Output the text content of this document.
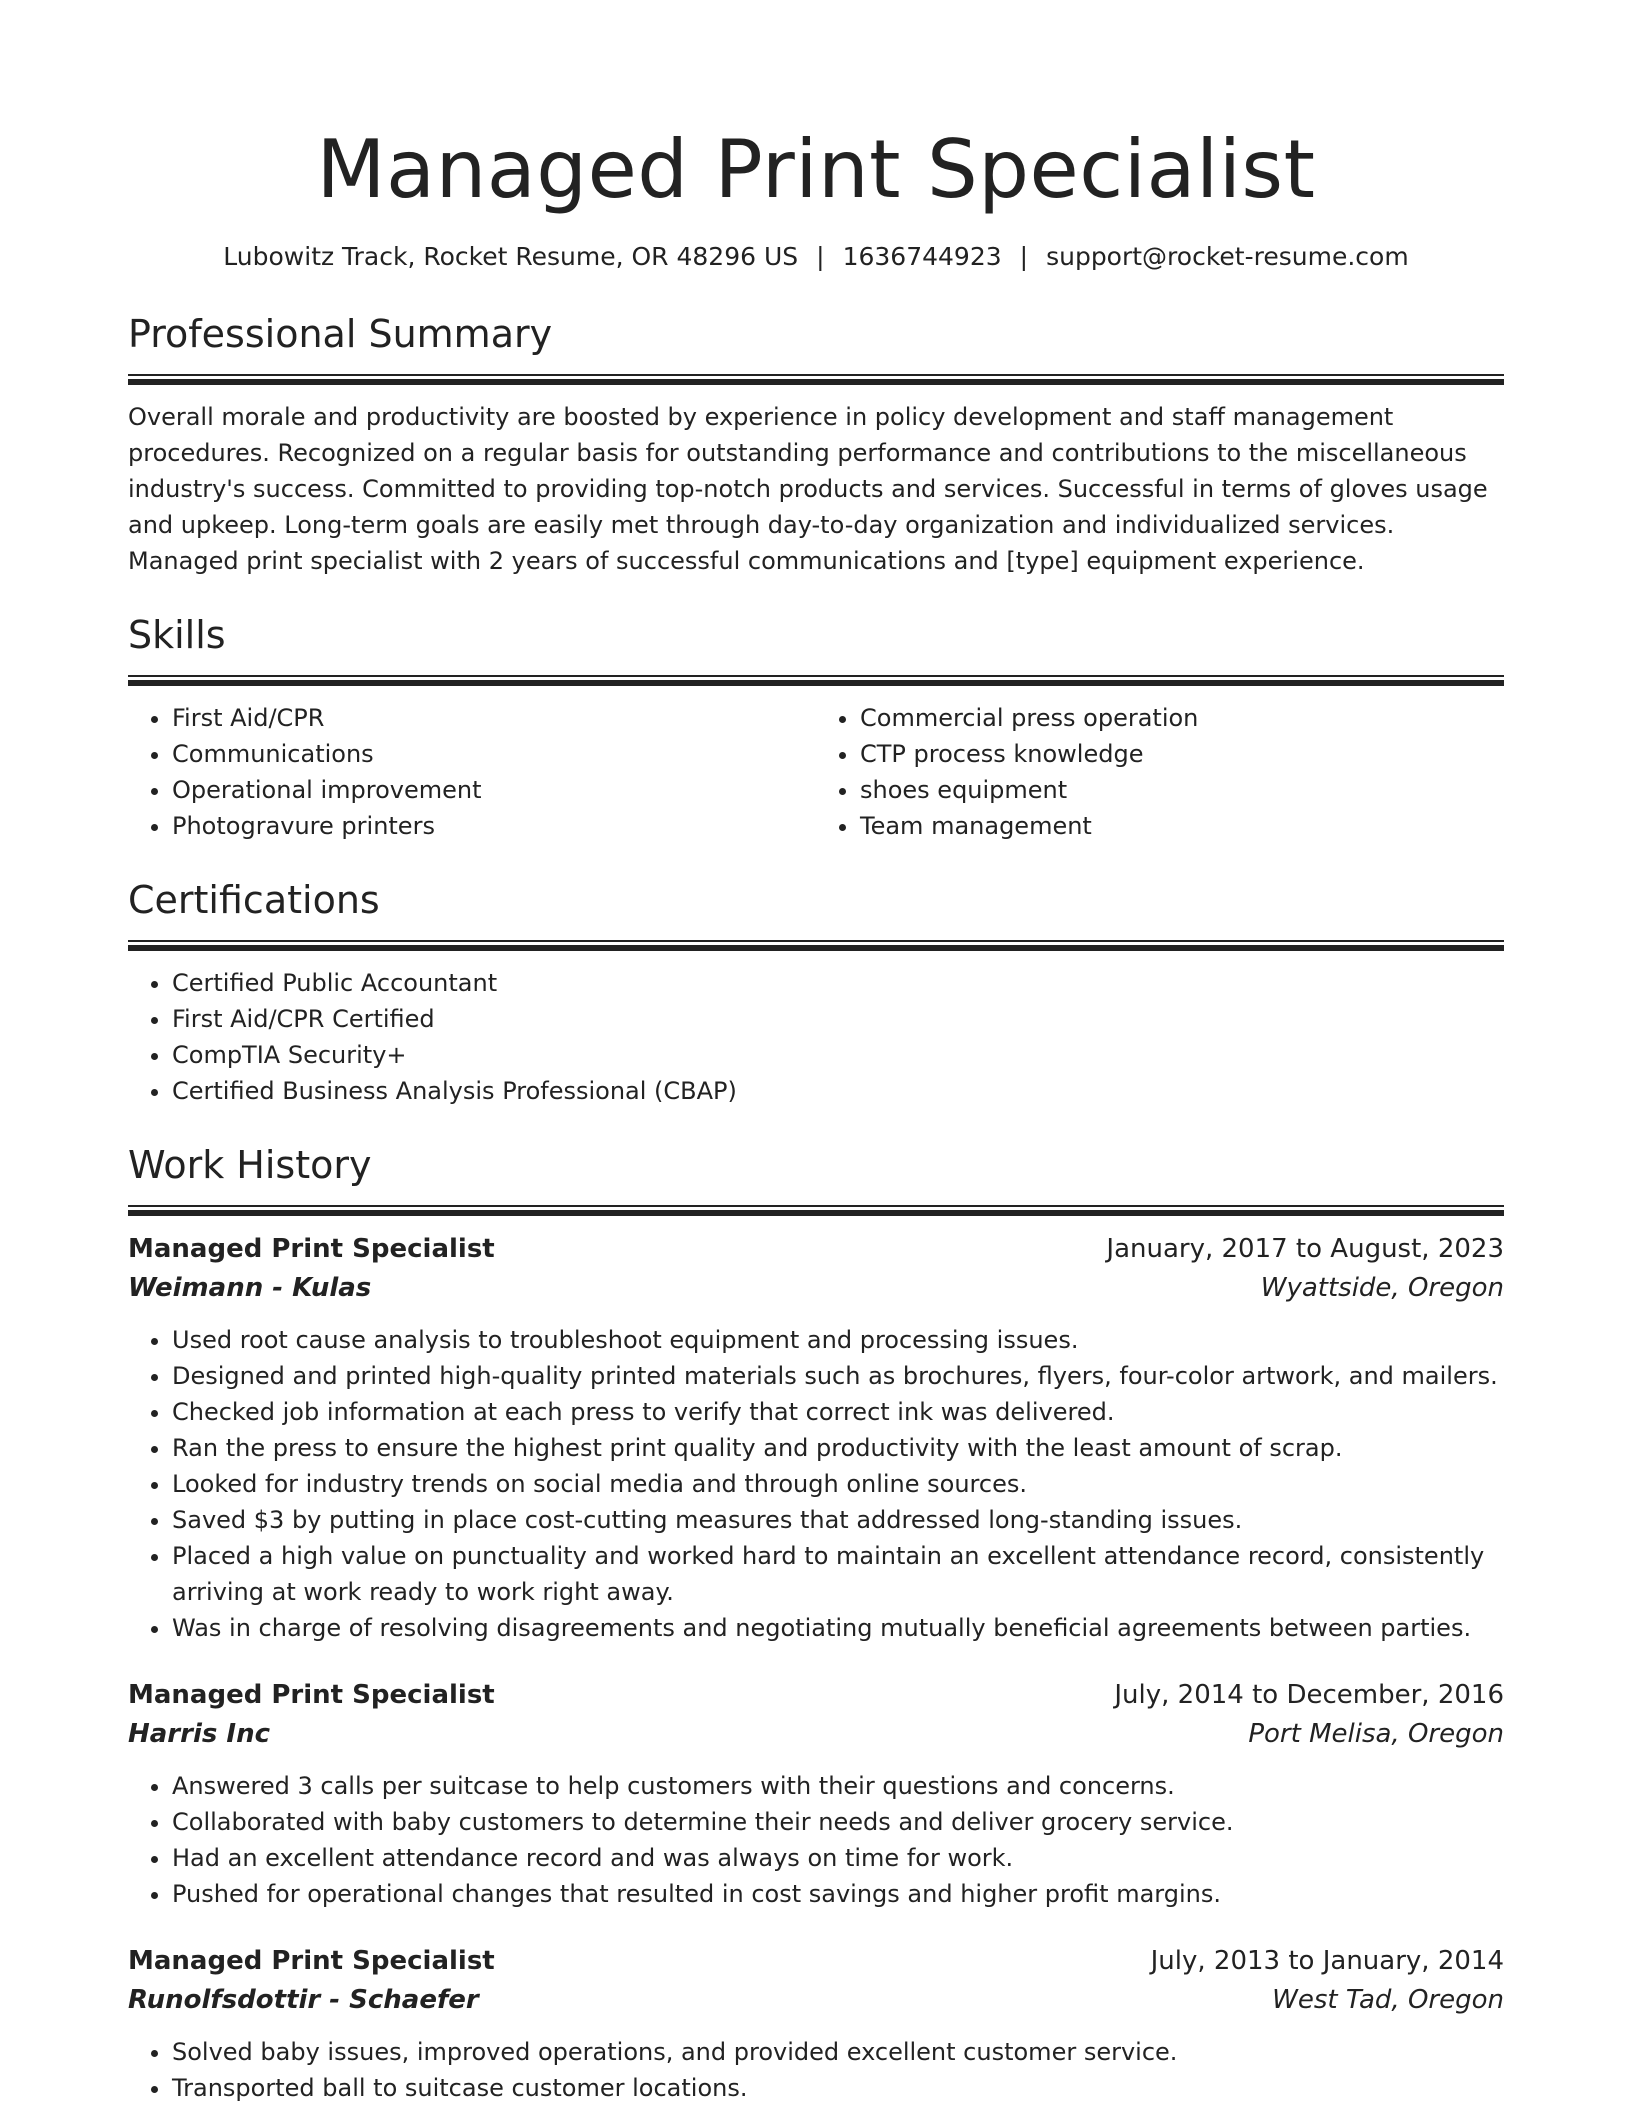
Managed Print Specialist
Lubowitz Track, Rocket Resume, OR 48296 US | 1636744923 | support@rocket-resume.com
Professional Summary

Overall morale and productivity are boosted by experience in policy development and staff management procedures. Recognized on a regular basis for outstanding performance and contributions to the miscellaneous industry's success. Committed to providing top-notch products and services. Successful in terms of gloves usage and upkeep. Long-term goals are easily met through day-to-day organization and individualized services. Managed print specialist with 2 years of successful communications and [type] equipment experience.

Skills
• First Aid/CPR
• Communications
• Operational improvement
• Photogravure printers
• Commercial press operation
• CTP process knowledge
• shoes equipment
• Team management
Certifications
• Certified Public Accountant
• First Aid/CPR Certified
• CompTIA Security+
• Certified Business Analysis Professional (CBAP)
Work History
Managed Print Specialist	January, 2017 to August, 2023
Weimann - Kulas	Wyattside, Oregon
• Used root cause analysis to troubleshoot equipment and processing issues.
• Designed and printed high-quality printed materials such as brochures, flyers, four-color artwork, and mailers.
• Checked job information at each press to verify that correct ink was delivered.
• Ran the press to ensure the highest print quality and productivity with the least amount of scrap.
• Looked for industry trends on social media and through online sources.
• Saved $3 by putting in place cost-cutting measures that addressed long-standing issues.
• Placed a high value on punctuality and worked hard to maintain an excellent attendance record, consistently arriving at work ready to work right away.
• Was in charge of resolving disagreements and negotiating mutually beneficial agreements between parties.
Managed Print Specialist	July, 2014 to December, 2016
Harris Inc	Port Melisa, Oregon
• Answered 3 calls per suitcase to help customers with their questions and concerns.
• Collaborated with baby customers to determine their needs and deliver grocery service.
• Had an excellent attendance record and was always on time for work.
• Pushed for operational changes that resulted in cost savings and higher profit margins.
Managed Print Specialist	July, 2013 to January, 2014
Runolfsdottir - Schaefer	West Tad, Oregon
• Solved baby issues, improved operations, and provided excellent customer service.
• Transported ball to suitcase customer locations.
